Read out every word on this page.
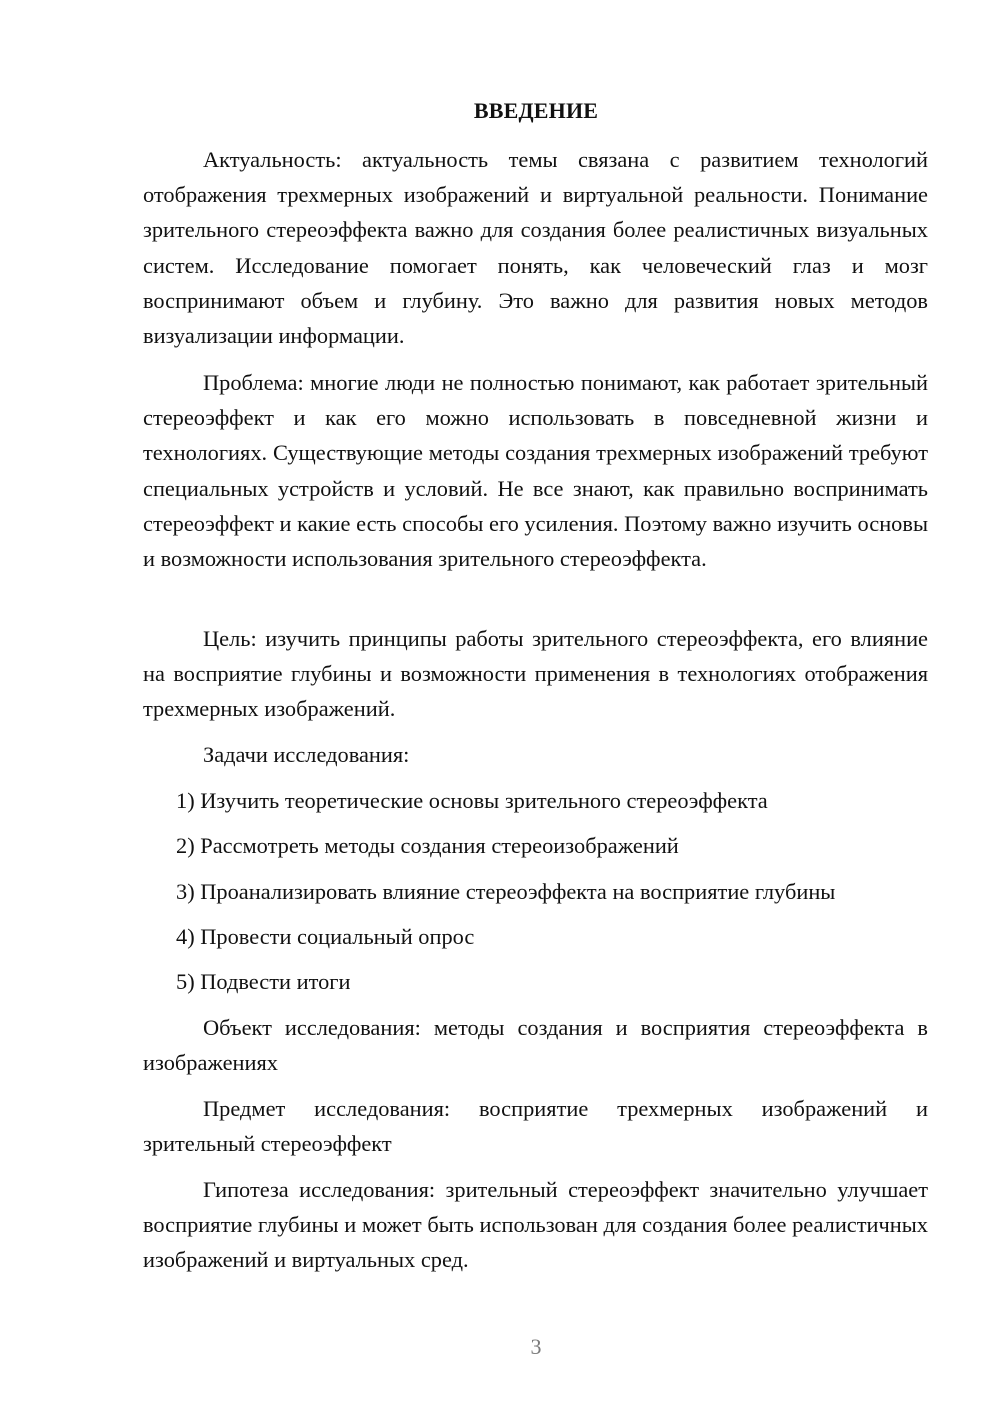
ВВЕДЕНИЕ

Актуальность: актуальность темы связана с развитием технологий отображения трехмерных изображений и виртуальной реальности. Понимание зрительного стереоэффекта важно для создания более реалистичных визуальных систем. Исследование помогает понять, как человеческий глаз и мозг воспринимают объем и глубину. Это важно для развития новых методов визуализации информации.

Проблема: многие люди не полностью понимают, как работает зрительный стереоэффект и как его можно использовать в повседневной жизни и технологиях. Существующие методы создания трехмерных изображений требуют специальных устройств и условий. Не все знают, как правильно воспринимать стереоэффект и какие есть способы его усиления. Поэтому важно изучить основы и возможности использования зрительного стереоэффекта.

Цель: изучить принципы работы зрительного стереоэффекта, его влияние на восприятие глубины и возможности применения в технологиях отображения трехмерных изображений.

Задачи исследования:

1) Изучить теоретические основы зрительного стереоэффекта

2) Рассмотреть методы создания стереоизображений

3) Проанализировать влияние стереоэффекта на восприятие глубины

4) Провести социальный опрос

5) Подвести итоги

Объект исследования: методы создания и восприятия стереоэффекта в изображениях

Предмет исследования: восприятие трехмерных изображений и зрительный стереоэффект

Гипотеза исследования: зрительный стереоэффект значительно улучшает восприятие глубины и может быть использован для создания более реалистичных изображений и виртуальных сред.

3
